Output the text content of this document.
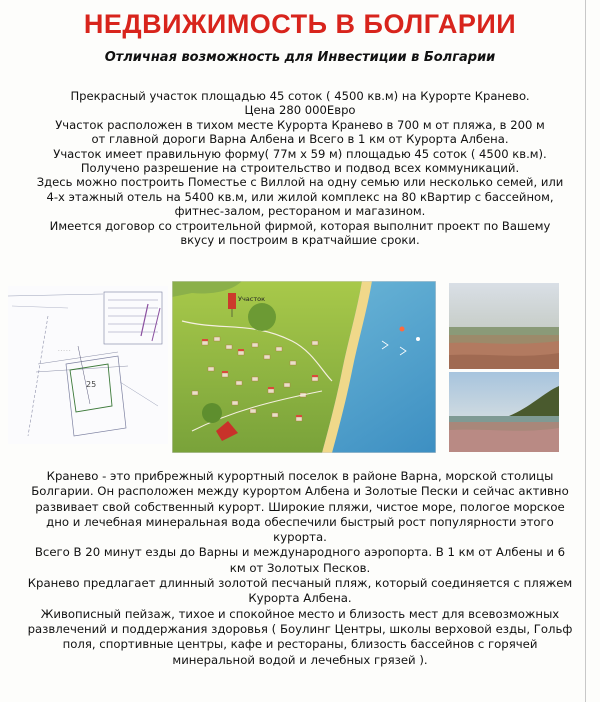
НЕДВИЖИМОСТЬ В БОЛГАРИИ
Отличная возможность для Инвестиции в Болгарии

Прекрасный участок площадью 45 соток ( 4500 кв.м) на Курорте Краневo.

Цена 280 000Евро

Участок расположен в тихом месте Курорта Кранево в 700 м от пляжа, в 200 м

от главной дороги Варна Албена и Всего в 1 км от Курорта Албена.

Участок имеет правильную форму( 77м х 59 м) площадью 45 соток ( 4500 кв.м).

Получено разрешение на строительство и подвод всех коммуникаций.

Здесь можно построить Поместье с Виллой на одну семью или несколько семей, или

4-х этажный отель на 5400 кв.м, или жилой комплекс на 80 кВартир с бассейном,

фитнес-залом, рестораном и магазином.

Имеется договор со строительной фирмой, которая выполнит проект по Вашему

вкусу и построим в кратчайшие сроки.

25
- - - - -
Участок

Кранево - это прибрежный курортный поселок в районе Варна, морской столицы

Болгарии. Он расположен между курортом Албена и Золотые Пески и сейчас активно

развивает свой собственный курорт. Широкие пляжи, чистое море, пологое морское

дно и лечебная минеральная вода обеспечили быстрый рост популярности этого

курорта.

Всего В 20 минут езды до Варны и международного аэропорта. В 1 км от Албены и 6

км от Золотых Песков.

Кранево предлагает длинный золотой песчаный пляж, который соединяется с пляжем

Курорта Албена.

Живописный пейзаж, тихое и спокойное место и близость мест для всевозможных

развлечений и поддержания здоровья ( Боулинг Центры, школы верховой езды, Гольф

поля, спортивные центры, кафе и рестораны, близость бассейнов с горячей

минеральной водой и лечебных грязей ).
